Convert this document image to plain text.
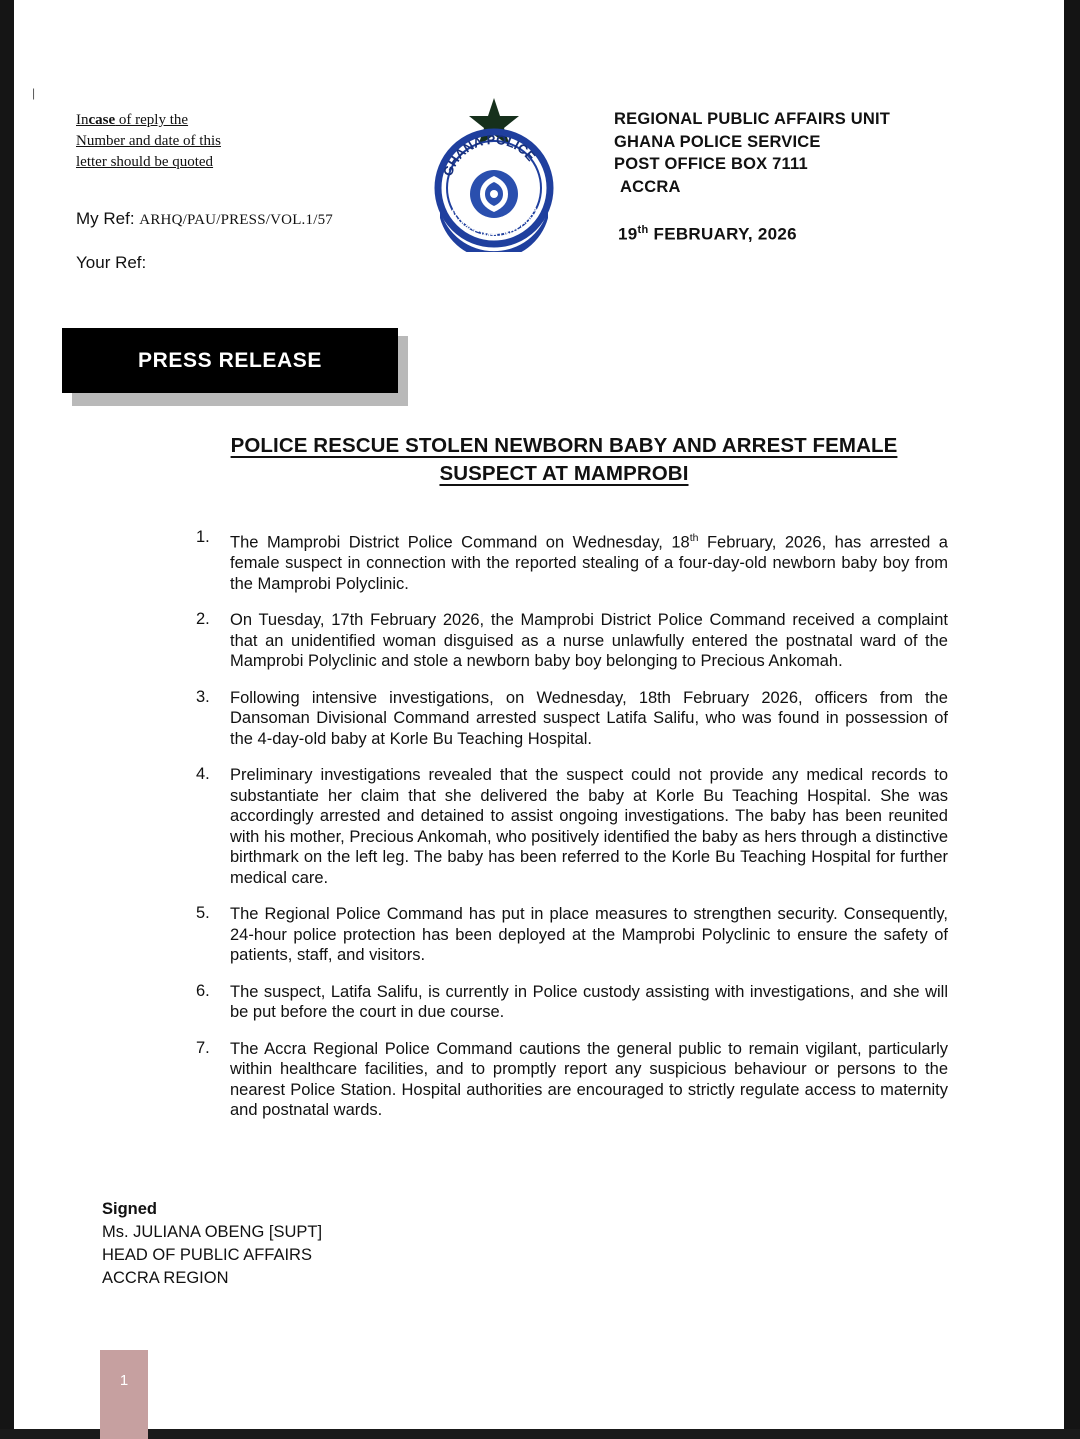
|
Incase of reply the
Number and date of this
letter should be quoted
My Ref: ARHQ/PAU/PRESS/VOL.1/57
Your Ref:
GHANA POLICE
SERVICE WITH INTEGRITY
REGIONAL PUBLIC AFFAIRS UNIT
GHANA POLICE SERVICE
POST OFFICE BOX 7111
ACCRA
19th FEBRUARY, 2026
PRESS RELEASE
POLICE RESCUE STOLEN NEWBORN BABY AND ARREST FEMALE SUSPECT AT MAMPROBI
1.	The Mamprobi District Police Command on Wednesday, 18th February, 2026, has arrested a female suspect in connection with the reported stealing of a four-day-old newborn baby boy from the Mamprobi Polyclinic.
2.	On Tuesday, 17th February 2026, the Mamprobi District Police Command received a complaint that an unidentified woman disguised as a nurse unlawfully entered the postnatal ward of the Mamprobi Polyclinic and stole a newborn baby boy belonging to Precious Ankomah.
3.	Following intensive investigations, on Wednesday, 18th February 2026, officers from the Dansoman Divisional Command arrested suspect Latifa Salifu, who was found in possession of the 4-day-old baby at Korle Bu Teaching Hospital.
4.	Preliminary investigations revealed that the suspect could not provide any medical records to substantiate her claim that she delivered the baby at Korle Bu Teaching Hospital. She was accordingly arrested and detained to assist ongoing investigations. The baby has been reunited with his mother, Precious Ankomah, who positively identified the baby as hers through a distinctive birthmark on the left leg. The baby has been referred to the Korle Bu Teaching Hospital for further medical care.
5.	The Regional Police Command has put in place measures to strengthen security. Consequently, 24-hour police protection has been deployed at the Mamprobi Polyclinic to ensure the safety of patients, staff, and visitors.
6.	The suspect, Latifa Salifu, is currently in Police custody assisting with investigations, and she will be put before the court in due course.
7.	The Accra Regional Police Command cautions the general public to remain vigilant, particularly within healthcare facilities, and to promptly report any suspicious behaviour or persons to the nearest Police Station. Hospital authorities are encouraged to strictly regulate access to maternity and postnatal wards.
Signed
Ms. JULIANA OBENG [SUPT]
HEAD OF PUBLIC AFFAIRS
ACCRA REGION
1
